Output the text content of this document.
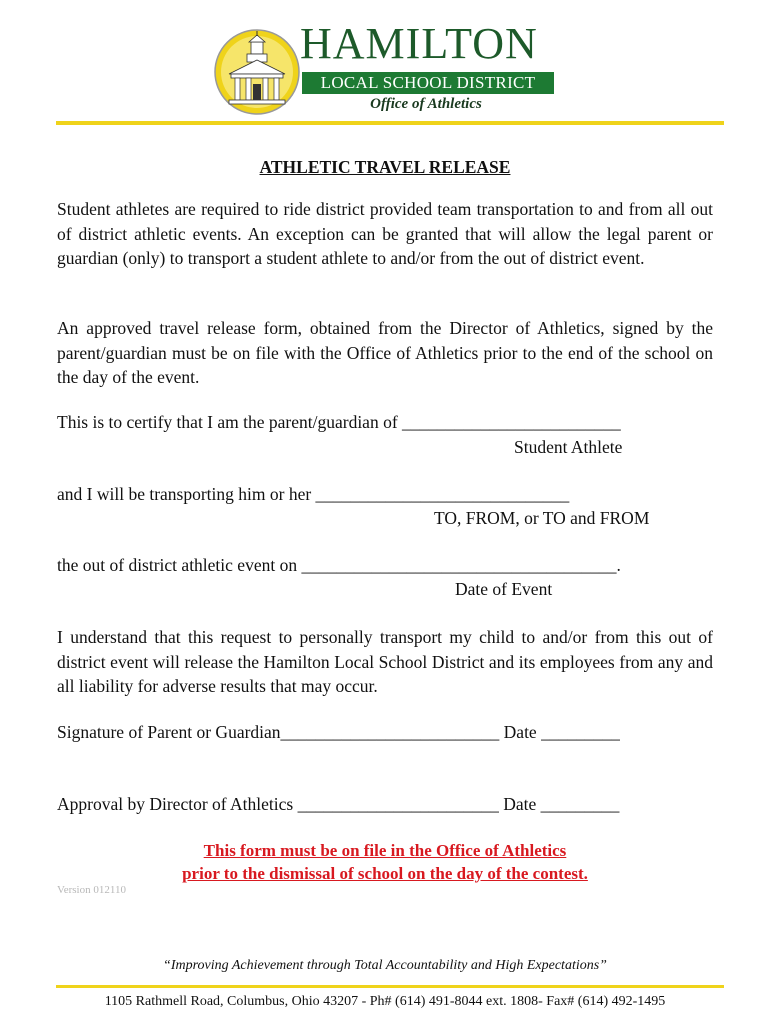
HAMILTON
LOCAL SCHOOL DISTRICT
Office of Athletics
ATHLETIC TRAVEL RELEASE

Student athletes are required to ride district provided team transportation to and from all out of district athletic events. An exception can be granted that will allow the legal parent or guardian (only) to transport a student athlete to and/or from the out of district event.

An approved travel release form, obtained from the Director of Athletics, signed by the parent/guardian must be on file with the Office of Athletics prior to the end of the school on the day of the event.

This is to certify that I am the parent/guardian of _________________________
Student Athlete
and I will be transporting him or her _____________________________
TO, FROM, or TO and FROM
the out of district athletic event on ____________________________________.
Date of Event

I understand that this request to personally transport my child to and/or from this out of district event will release the Hamilton Local School District and its employees from any and all liability for adverse results that may occur.

Signature of Parent or Guardian_________________________ Date _________
Approval by Director of Athletics _______________________ Date _________
This form must be on file in the Office of Athletics
prior to the dismissal of school on the day of the contest.
Version 012110
“Improving Achievement through Total Accountability and High Expectations”
1105 Rathmell Road, Columbus, Ohio 43207 - Ph# (614) 491-8044 ext. 1808- Fax# (614) 492-1495
